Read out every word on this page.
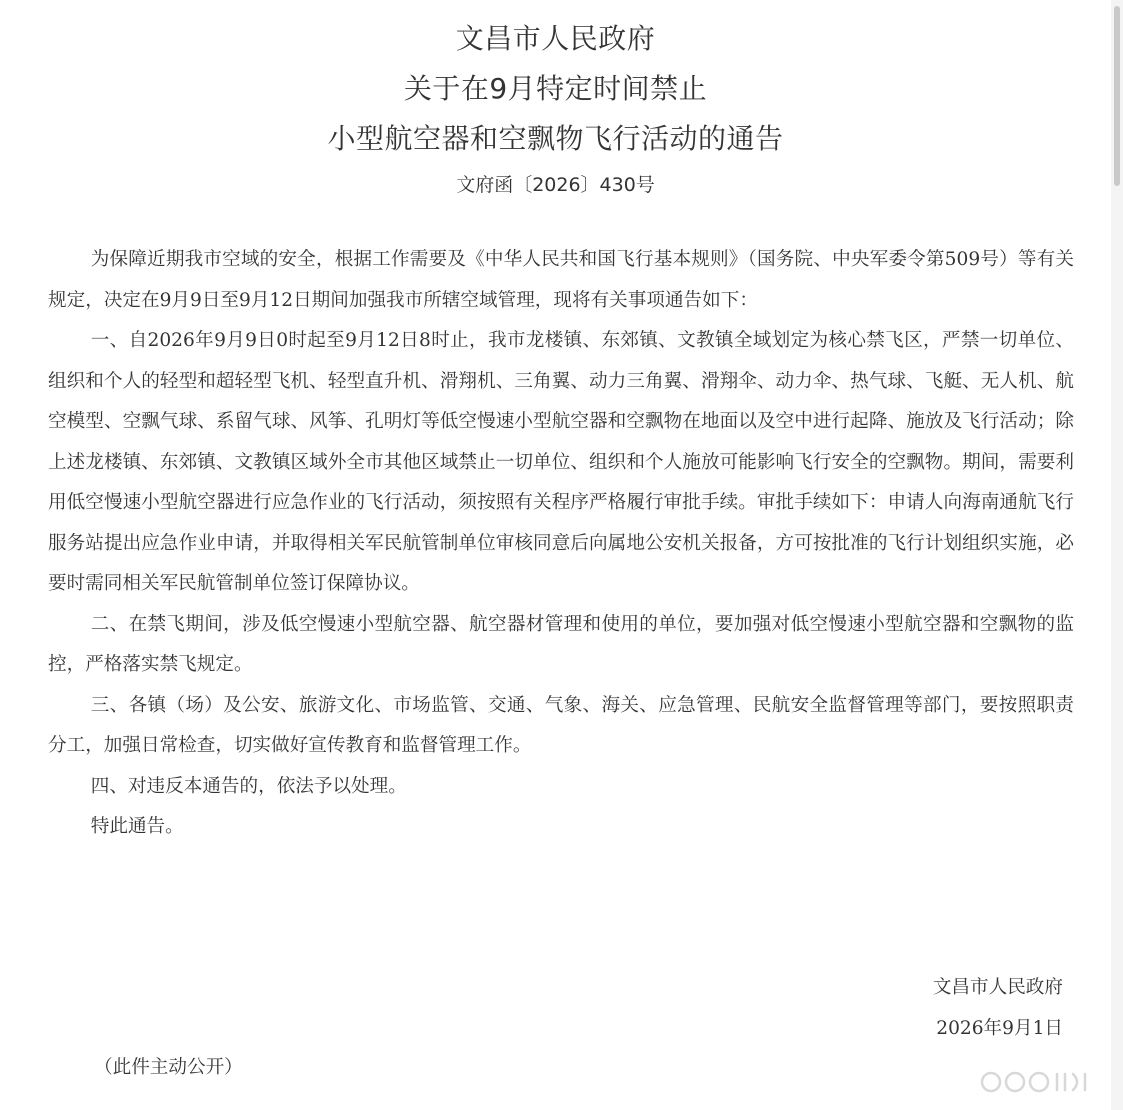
文昌市人民政府
关于在9月特定时间禁止
小型航空器和空飘物飞行活动的通告
文府函〔2026〕430号

为保障近期我市空域的安全，根据工作需要及《中华人民共和国飞行基本规则》（国务院、中央军委令第509号）等有关规定，决定在9月9日至9月12日期间加强我市所辖空域管理，现将有关事项通告如下：

一、自2026年9月9日0时起至9月12日8时止，我市龙楼镇、东郊镇、文教镇全域划定为核心禁飞区，严禁一切单位、组织和个人的轻型和超轻型飞机、轻型直升机、滑翔机、三角翼、动力三角翼、滑翔伞、动力伞、热气球、飞艇、无人机、航空模型、空飘气球、系留气球、风筝、孔明灯等低空慢速小型航空器和空飘物在地面以及空中进行起降、施放及飞行活动；除上述龙楼镇、东郊镇、文教镇区域外全市其他区域禁止一切单位、组织和个人施放可能影响飞行安全的空飘物。期间，需要利用低空慢速小型航空器进行应急作业的飞行活动，须按照有关程序严格履行审批手续。审批手续如下：申请人向海南通航飞行服务站提出应急作业申请，并取得相关军民航管制单位审核同意后向属地公安机关报备，方可按批准的飞行计划组织实施，必要时需同相关军民航管制单位签订保障协议。

二、在禁飞期间，涉及低空慢速小型航空器、航空器材管理和使用的单位，要加强对低空慢速小型航空器和空飘物的监控，严格落实禁飞规定。

三、各镇（场）及公安、旅游文化、市场监管、交通、气象、海关、应急管理、民航安全监督管理等部门，要按照职责分工，加强日常检查，切实做好宣传教育和监督管理工作。

四、对违反本通告的，依法予以处理。

特此通告。

文昌市人民政府
2026年9月1日
（此件主动公开）
